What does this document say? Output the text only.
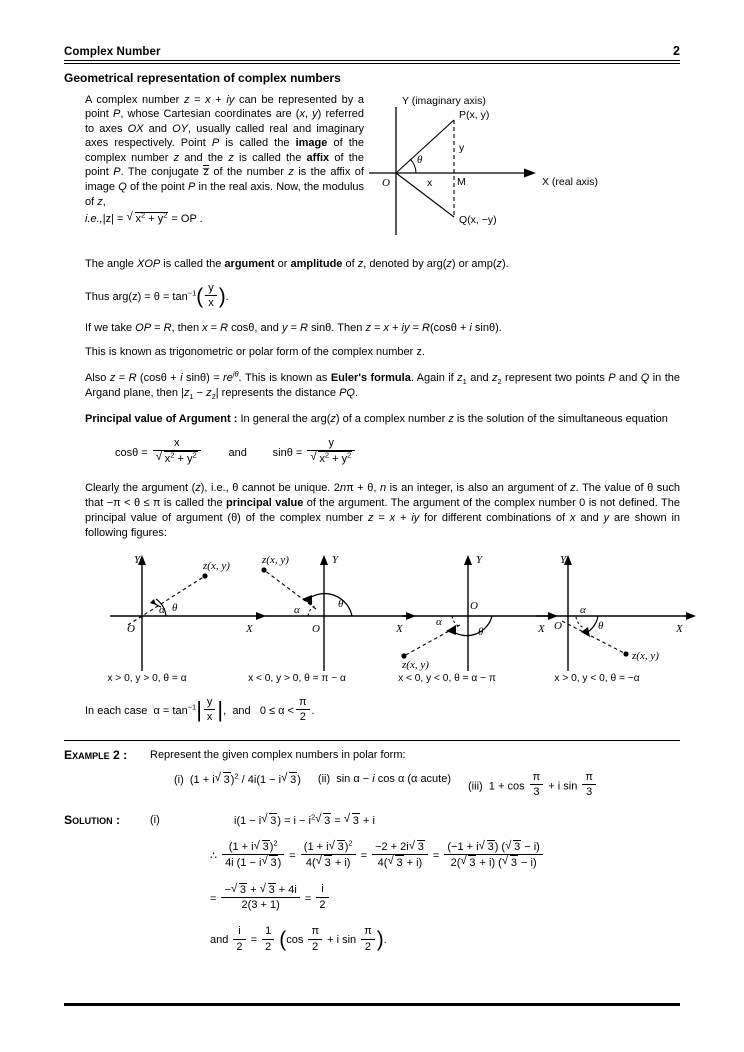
Complex Number	2
Geometrical representation of complex numbers
A complex number z = x + iy can be represented by a point P, whose Cartesian coordinates are (x, y) referred to axes OX and OY, usually called real and imaginary axes respectively. Point P is called the image of the complex number z and the z is called the affix of the point P. The conjugate z̅ of the number z is the affix of image Q of the point P in the real axis. Now, the modulus of z,
i.e.,|z| = √ $x^2 + y^2$ = OP .
Y (imaginary axis)
X (real axis)
O
P(x, y)
Q(x, −y)
M
x
y
θ
The angle XOP is called the argument or amplitude of z, denoted by arg(z) or amp(z).
Thus $arg(z) = \theta = \tan^{-1}( \frac{y}{x}$ ).
If we take OP = R, then x = R cosθ, and y = R sinθ. Then z = x + iy = R(cosθ + i sinθ).
This is known as trigonometric or polar form of the complex number z.
Also z = R (cosθ + i $\sin\theta) = re^{i\theta}$. This is known as Euler's formula. Again if $z_1$ and $z_2$ represent two points P and Q in the Argand plane, then $|z_1 - z_2|$ represents the distance PQ.
Principal value of Argument : In general the arg(z) of a complex number z is the solution of the simultaneous equation
cosθ = x
√ $x^2 + y^2$	and	sinθ = y
√ $x^2 + y^2$
Clearly the argument (z), i.e., θ cannot be unique. 2nπ + θ, n is an integer, is also an argument of z. The value of θ such that −π < θ ≤ π is called the principal value of the argument. The argument of the complex number 0 is not defined. The principal value of argument (θ) of the complex number z = x + iy for different combinations of x and y are shown in following figures:
Y
X
O
z(x, y)
α θ
Y
X
O
z(x, y)
α	θ
Y
X
O
z(x, y)
α
θ
Y
X
O
z(x, y)
α
θ
x > 0, y > 0, θ = α	x < 0, y > 0, θ = π − α	x < 0, y < 0, θ = α − π	x > 0, y < 0, θ = −α
In each case $\alpha = \tan^{-1}| \frac{y}{x}$ |,  and $0 \le \alpha < \frac{\pi}{2}$ .
Example 2 :	Represent the given complex numbers in polar form:
(i)  (1 + i √ 3)$^2$ / 4i(1 − i √ 3) (ii)  sin α − i cos α (α acute)
(iii)  $1 + \cos \frac{\pi}{3} + i$ $\sin \frac{\pi}{3}$
Solution :	(i)	i(1 − i √ $3) = i - i^2$ √ 3 = √ 3 + i
∴ $\frac{(1 + i √ 3)^2}{4i (1 - i √ 3)} = \frac{(1 + i √ 3)^2}{4( √ 3 + i)} = \frac{-2 + 2i √ 3}{4( √ 3 + i)} = \frac{(-1 + i √ 3) ( √ 3 - i)}{2( √ 3 + i) ( √ 3 - i)}$
= $\frac{- √ 3 + √ 3 + 4i}{2(3 + 1)} = \frac{i}{2}$
and $\frac{i}{2} = \frac{1}{2} (\cos \frac{\pi}{2} + i$ $\sin \frac{\pi}{2}$ ).
